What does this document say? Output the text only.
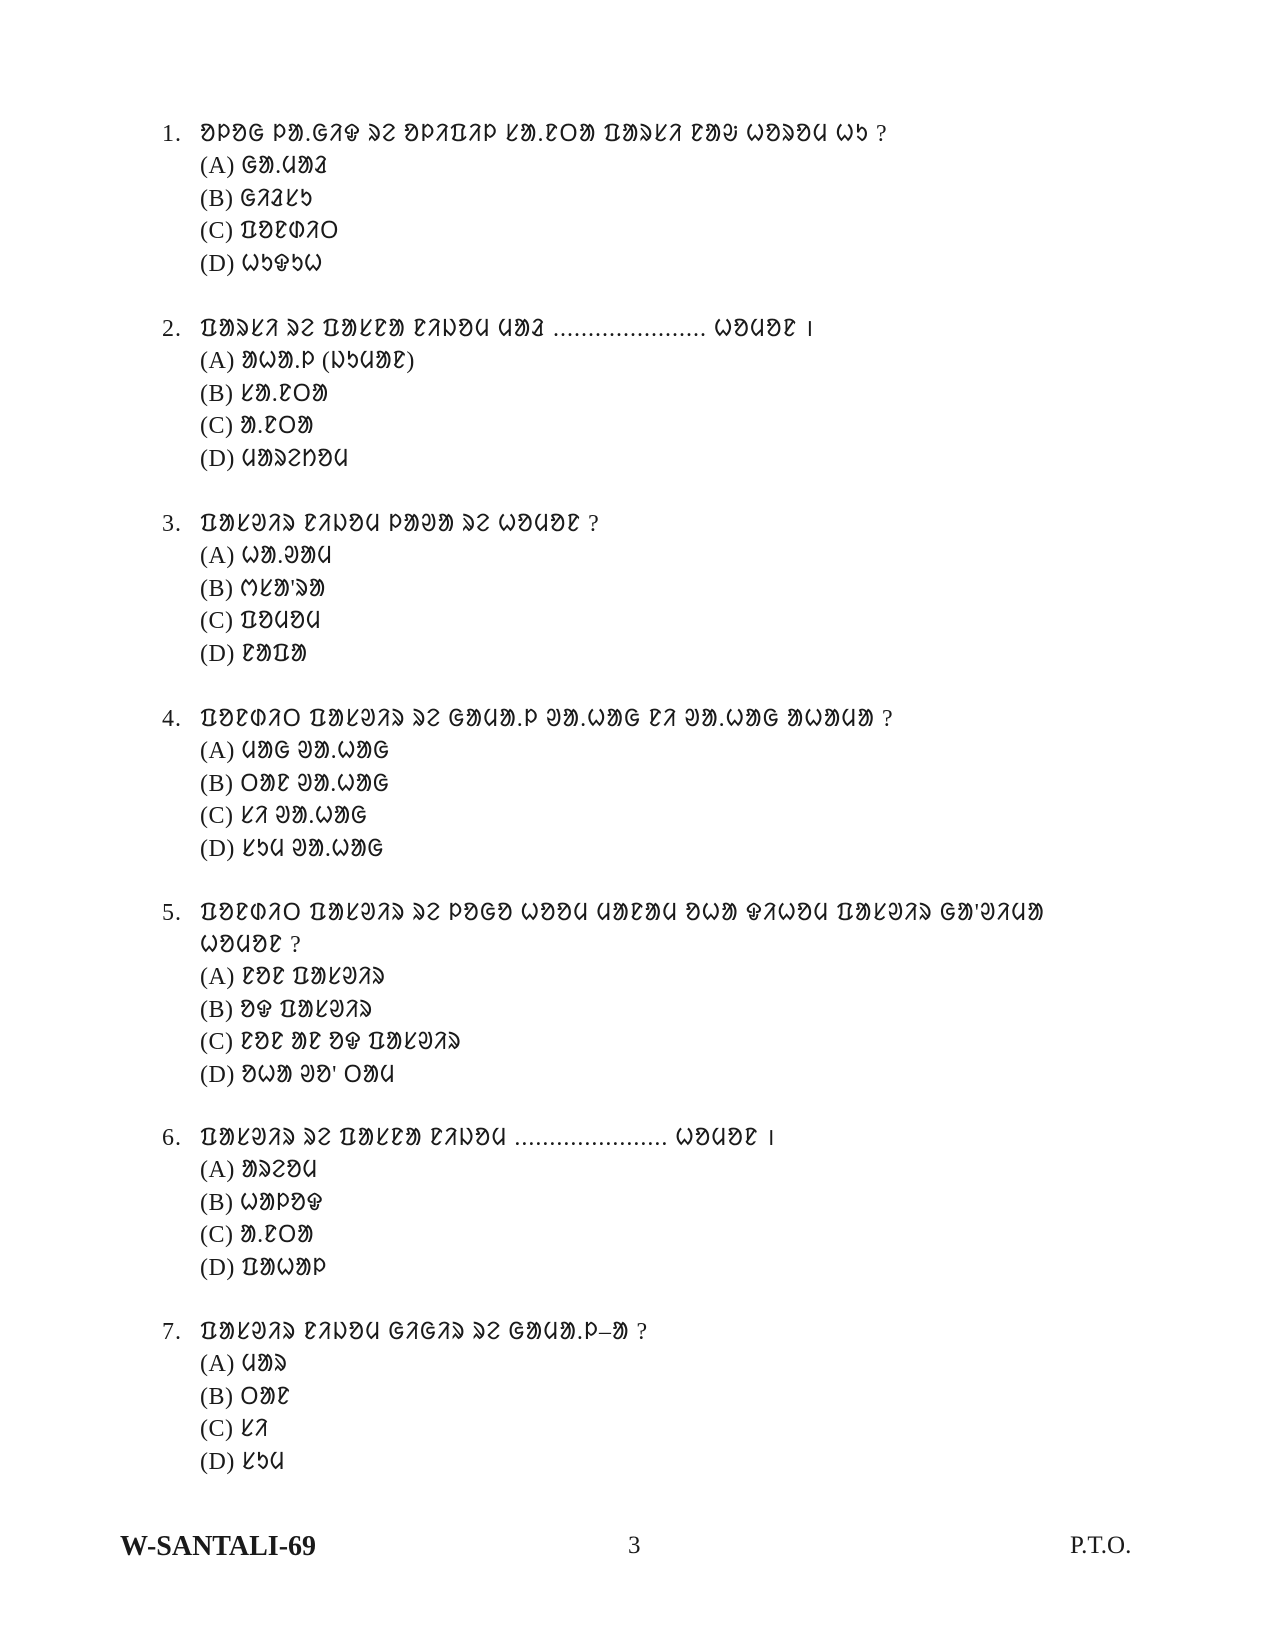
1. ᱚᱞᱚᱜ ᱞᱟ.ᱜᱤᱫ ᱨᱮ ᱚᱞᱤᱯᱤᱞ ᱥᱟ.ᱱᱛᱟ ᱯᱟᱨᱥᱤ ᱱᱟᱶ ᱦᱚᱨᱚᱢ ᱦᱩ ?
(A) ᱜᱟ.ᱢᱟᱲ
(B) ᱜᱤᱲᱥᱩ
(C) ᱯᱚᱱᱰᱤᱛ
(D) ᱦᱩᱫᱩᱦ
2. ᱯᱟᱨᱥᱤ ᱨᱮ ᱯᱟᱥᱱᱟ ᱱᱤᱡᱚᱢ ᱢᱟᱲ ...................... ᱦᱚᱢᱚᱱ ।
(A) ᱟᱦᱟ.ᱞ (ᱡᱩᱢᱟᱱ)
(B) ᱥᱟ.ᱱᱛᱟ
(C) ᱟ.ᱱᱛᱟ
(D) ᱢᱟᱨᱮᱴᱚᱢ
3. ᱯᱟᱥᱣᱤᱨ ᱱᱤᱡᱚᱢ ᱞᱟᱣᱟ ᱨᱮ ᱦᱚᱢᱚᱱ ?
(A) ᱦᱟ.ᱣᱟᱢ
(B) ᱬᱥᱟ'ᱨᱟ
(C) ᱯᱚᱢᱚᱢ
(D) ᱱᱟᱯᱟ
4. ᱯᱚᱱᱰᱤᱛ ᱯᱟᱥᱣᱤᱨ ᱨᱮ ᱜᱟᱢᱟ.ᱞ ᱣᱟ.ᱦᱟᱜ ᱱᱤ ᱣᱟ.ᱦᱟᱜ ᱟᱦᱟᱢᱟ ?
(A) ᱢᱟᱜ ᱣᱟ.ᱦᱟᱜ
(B) ᱛᱟᱱ ᱣᱟ.ᱦᱟᱜ
(C) ᱥᱤ ᱣᱟ.ᱦᱟᱜ
(D) ᱥᱩᱢ ᱣᱟ.ᱦᱟᱜ
5. ᱯᱚᱱᱰᱤᱛ ᱯᱟᱥᱣᱤᱨ ᱨᱮ ᱞᱚᱜᱚ ᱦᱚᱚᱢ ᱢᱟᱱᱟᱢ ᱚᱦᱟ ᱫᱤᱦᱚᱢ ᱯᱟᱥᱣᱤᱨ ᱜᱟ'ᱣᱤᱢᱟ ᱦᱚᱢᱚᱱ ?
(A) ᱱᱚᱱ ᱯᱟᱥᱣᱤᱨ
(B) ᱚᱫ ᱯᱟᱥᱣᱤᱨ
(C) ᱱᱚᱱ ᱟᱱ ᱚᱫ ᱯᱟᱥᱣᱤᱨ
(D) ᱚᱦᱟ ᱣᱚ' ᱛᱟᱢ
6. ᱯᱟᱥᱣᱤᱨ ᱨᱮ ᱯᱟᱥᱱᱟ ᱱᱤᱡᱚᱢ ...................... ᱦᱚᱢᱚᱱ ।
(A) ᱟᱨᱮᱚᱢ
(B) ᱦᱟᱞᱚᱫ
(C) ᱟ.ᱱᱛᱟ
(D) ᱯᱟᱦᱟᱞ
7. ᱯᱟᱥᱣᱤᱨ ᱱᱤᱡᱚᱢ ᱜᱤᱜᱤᱨ ᱨᱮ ᱜᱟᱢᱟ.ᱞ–ᱟ ?
(A) ᱢᱟᱨ
(B) ᱛᱟᱱ
(C) ᱥᱤ
(D) ᱥᱩᱢ
W-SANTALI-69	3	P.T.O.
